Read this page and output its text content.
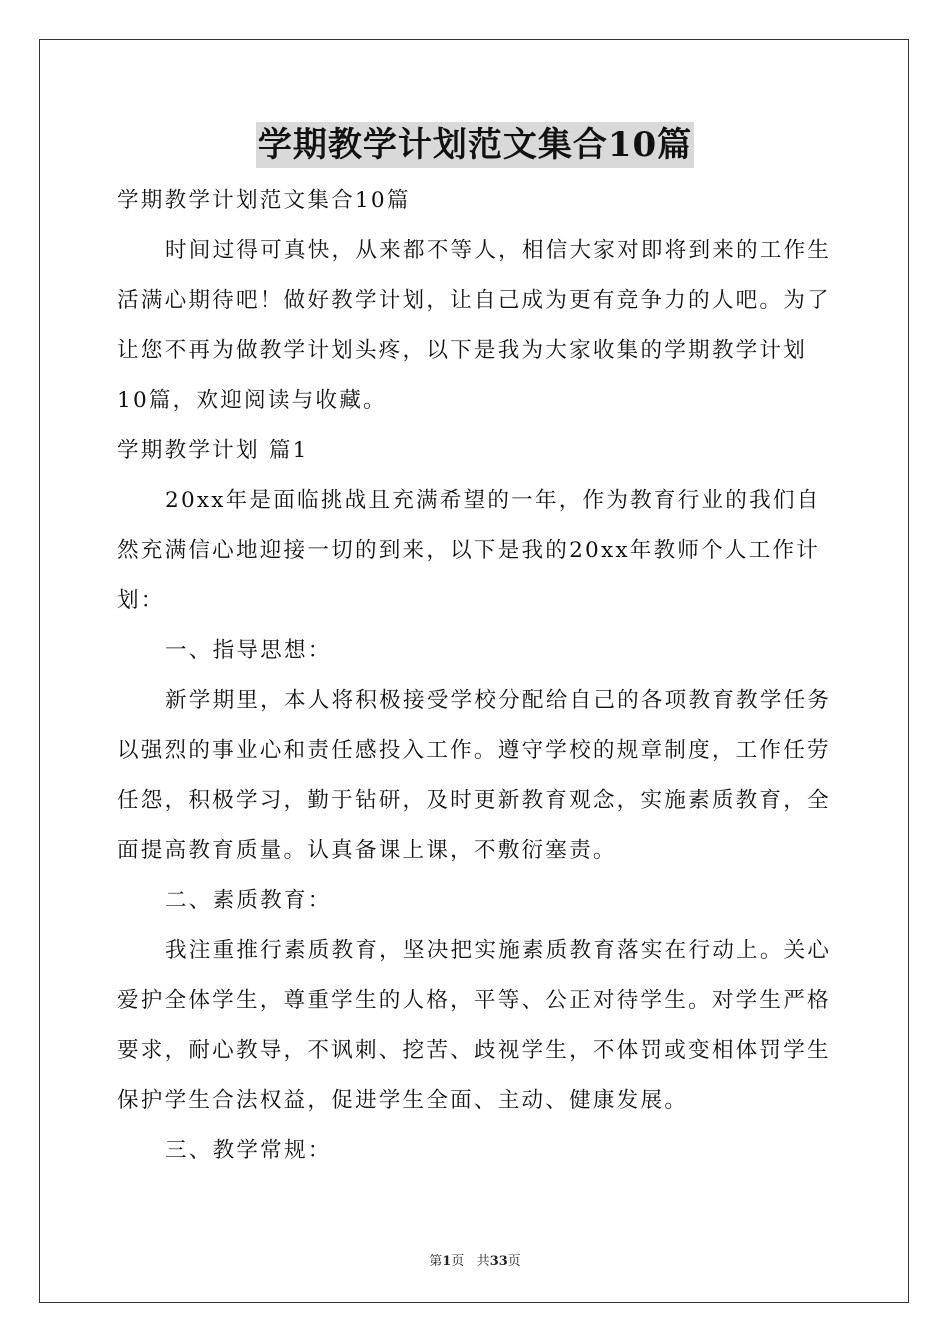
学期教学计划范文集合10篇
学期教学计划范文集合10篇
时间过得可真快，从来都不等人，相信大家对即将到来的工作生
活满心期待吧！做好教学计划，让自己成为更有竞争力的人吧。为了
让您不再为做教学计划头疼，以下是我为大家收集的学期教学计划
10篇，欢迎阅读与收藏。
学期教学计划 篇1
20xx年是面临挑战且充满希望的一年，作为教育行业的我们自
然充满信心地迎接一切的到来，以下是我的20xx年教师个人工作计
划：
一、指导思想：
新学期里，本人将积极接受学校分配给自己的各项教育教学任务
以强烈的事业心和责任感投入工作。遵守学校的规章制度，工作任劳
任怨，积极学习，勤于钻研，及时更新教育观念，实施素质教育，全
面提高教育质量。认真备课上课，不敷衍塞责。
二、素质教育：
我注重推行素质教育，坚决把实施素质教育落实在行动上。关心
爱护全体学生，尊重学生的人格，平等、公正对待学生。对学生严格
要求，耐心教导，不讽刺、挖苦、歧视学生，不体罚或变相体罚学生
保护学生合法权益，促进学生全面、主动、健康发展。
三、教学常规：
第1页 共33页
